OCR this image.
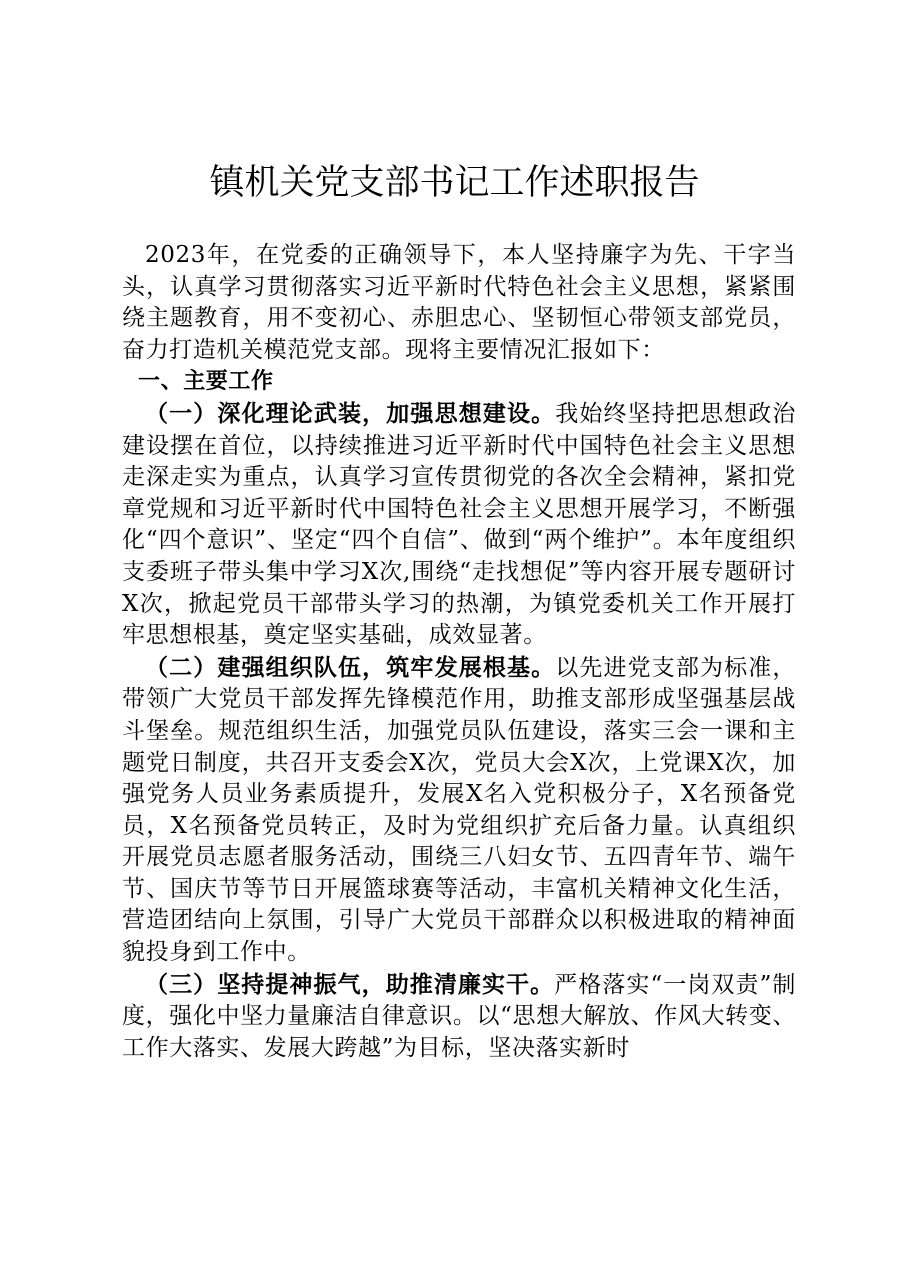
镇机关党支部书记工作述职报告

2023年，在党委的正确领导下，本人坚持廉字为先、干字当头，认真学习贯彻落实习近平新时代特色社会主义思想，紧紧围绕主题教育，用不变初心、赤胆忠心、坚韧恒心带领支部党员，奋力打造机关模范党支部。现将主要情况汇报如下：

一、主要工作

（一）深化理论武装，加强思想建设。我始终坚持把思想政治建设摆在首位，以持续推进习近平新时代中国特色社会主义思想走深走实为重点，认真学习宣传贯彻党的各次全会精神，紧扣党章党规和习近平新时代中国特色社会主义思想开展学习，不断强化“四个意识”、坚定“四个自信”、做到“两个维护”。本年度组织支委班子带头集中学习X次,围绕“走找想促”等内容开展专题研讨X次，掀起党员干部带头学习的热潮，为镇党委机关工作开展打牢思想根基，奠定坚实基础，成效显著。

（二）建强组织队伍，筑牢发展根基。以先进党支部为标准，带领广大党员干部发挥先锋模范作用，助推支部形成坚强基层战斗堡垒。规范组织生活，加强党员队伍建设，落实三会一课和主题党日制度，共召开支委会X次，党员大会X次，上党课X次，加强党务人员业务素质提升，发展X名入党积极分子，X名预备党员，X名预备党员转正，及时为党组织扩充后备力量。认真组织开展党员志愿者服务活动，围绕三八妇女节、五四青年节、端午节、国庆节等节日开展篮球赛等活动，丰富机关精神文化生活，营造团结向上氛围，引导广大党员干部群众以积极进取的精神面貌投身到工作中。

（三）坚持提神振气，助推清廉实干。严格落实“一岗双责”制度，强化中坚力量廉洁自律意识。以“思想大解放、作风大转变、工作大落实、发展大跨越”为目标，坚决落实新时
